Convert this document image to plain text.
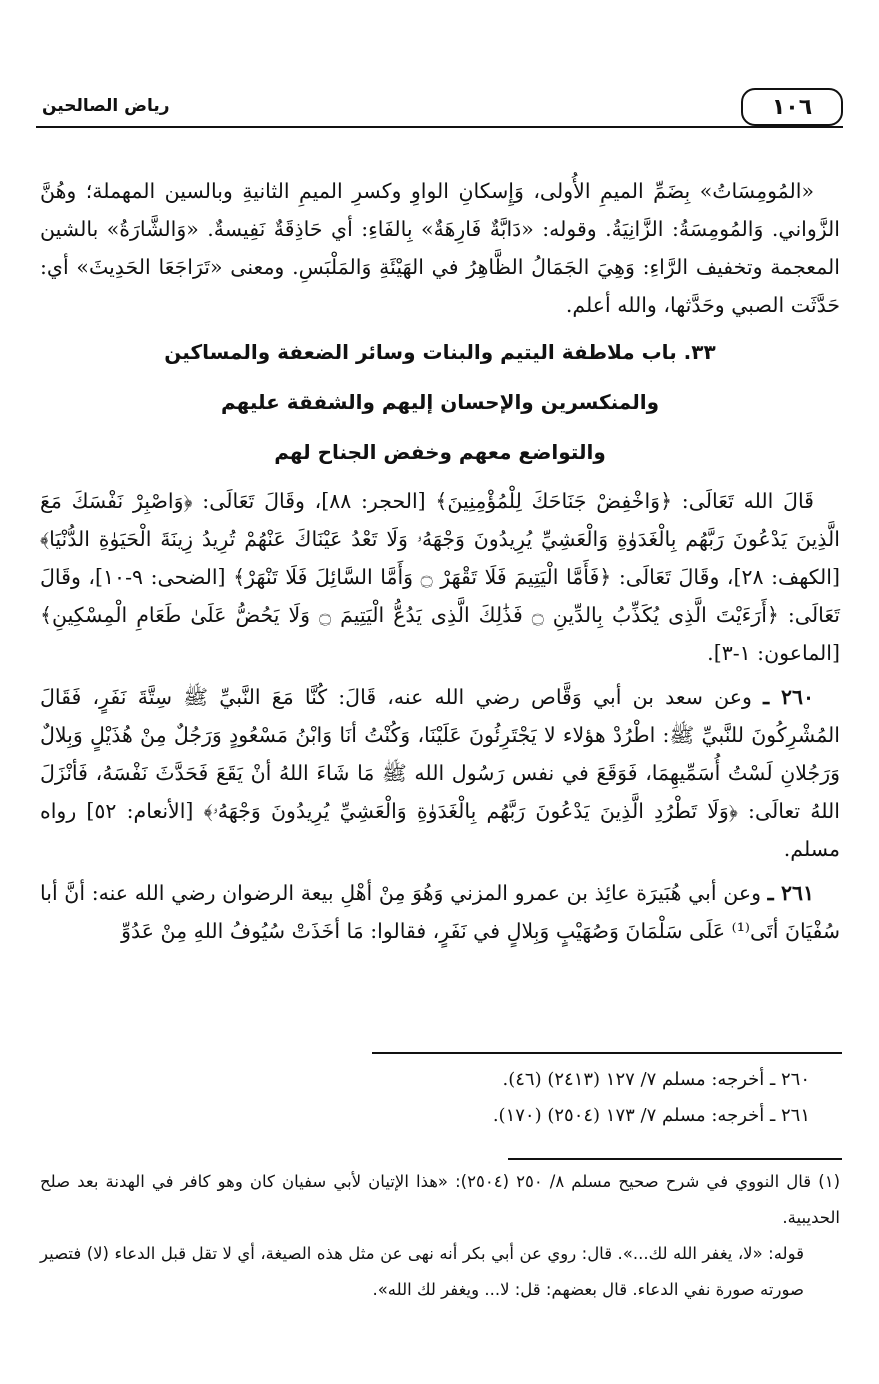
١٠٦
رياض الصالحين

«المُومِسَاتُ» بِضَمِّ الميمِ الأُولى، وَإِسكانِ الواوِ وكسرِ الميمِ الثانيةِ وبالسين المهملة؛ وهُنَّ الزَّواني. وَالمُومِسَةُ: الزَّانِيَةُ. وقوله: «دَابَّةٌ فَارِهَةٌ» بِالفَاءِ: أي حَاذِقَةٌ نَفِيسةٌ. «وَالشَّارَةُ» بالشين المعجمة وتخفيف الرَّاءِ: وَهِيَ الجَمَالُ الظَّاهِرُ في الهَيْئَةِ وَالمَلْبَسِ. ومعنى «تَرَاجَعَا الحَدِيثَ» أي: حَدَّثَت الصبي وحَدَّثها، والله أعلم.

٣٣. باب ملاطفة اليتيم والبنات وسائر الضعفة والمساكين
والمنكسرين والإحسان إليهم والشفقة عليهم
والتواضع معهم وخفض الجناح لهم

قَالَ الله تَعَالَى: ﴿وَاخْفِضْ جَنَاحَكَ لِلْمُؤْمِنِينَ﴾ [الحجر: ٨٨]، وقَالَ تَعَالَى: ﴿وَاصْبِرْ نَفْسَكَ مَعَ الَّذِينَ يَدْعُونَ رَبَّهُم بِالْغَدَوٰةِ وَالْعَشِيِّ يُرِيدُونَ وَجْهَهُۥ وَلَا تَعْدُ عَيْنَاكَ عَنْهُمْ تُرِيدُ زِينَةَ الْحَيَوٰةِ الدُّنْيَا﴾ [الكهف: ٢٨]، وقَالَ تَعَالَى: ﴿فَأَمَّا الْيَتِيمَ فَلَا تَقْهَرْ ۝ وَأَمَّا السَّائِلَ فَلَا تَنْهَرْ﴾ [الضحى: ٩-١٠]، وقَالَ تَعَالَى: ﴿أَرَءَيْتَ الَّذِى يُكَذِّبُ بِالدِّينِ ۝ فَذَٰلِكَ الَّذِى يَدُعُّ الْيَتِيمَ ۝ وَلَا يَحُضُّ عَلَىٰ طَعَامِ الْمِسْكِينِ﴾ [الماعون: ١-٣].

٢٦٠ ـ وعن سعد بن أبي وَقَّاص رضي الله عنه، قَالَ: كُنَّا مَعَ النَّبيِّ ﷺ سِتَّةَ نَفَرٍ، فَقَالَ المُشْرِكُونَ للنَّبيِّ ﷺ: اطْرُدْ هؤلاء لا يَجْتَرِئُونَ عَلَيْنَا، وَكُنْتُ أنَا وَابْنُ مَسْعُودٍ وَرَجُلٌ مِنْ هُذَيْلٍ وَبِلالٌ وَرَجُلانِ لَسْتُ أُسَمِّيهِمَا، فَوَقَعَ في نفس رَسُول الله ﷺ مَا شَاءَ اللهُ أنْ يَقَعَ فَحَدَّثَ نَفْسَهُ، فَأنْزَلَ اللهُ تعالَى: ﴿وَلَا تَطْرُدِ الَّذِينَ يَدْعُونَ رَبَّهُم بِالْغَدَوٰةِ وَالْعَشِيِّ يُرِيدُونَ وَجْهَهُۥ﴾ [الأنعام: ٥٢] رواه مسلم.

٢٦١ ـ وعن أبي هُبَيرَة عائِذ بن عمرو المزني وَهُوَ مِنْ أهْلِ بيعة الرضوان رضي الله عنه: أنَّ أبا سُفْيَانَ أتَى⁽¹⁾ عَلَى سَلْمَانَ وَصُهَيْبٍ وَبِلالٍ في نَفَرٍ، فقالوا: مَا أخَذَتْ سُيُوفُ اللهِ مِنْ عَدُوِّ

٢٦٠ ـ أخرجه: مسلم ٧/ ١٢٧ (٢٤١٣) (٤٦).
٢٦١ ـ أخرجه: مسلم ٧/ ١٧٣ (٢٥٠٤) (١٧٠).

(١) قال النووي في شرح صحيح مسلم ٨/ ٢٥٠ (٢٥٠٤): «هذا الإتيان لأبي سفيان كان وهو كافر في الهدنة بعد صلح الحديبية.

قوله: «لا، يغفر الله لك...». قال: روي عن أبي بكر أنه نهى عن مثل هذه الصيغة، أي لا تقل قبل الدعاء (لا) فتصير صورته صورة نفي الدعاء. قال بعضهم: قل: لا... ويغفر لك الله».
